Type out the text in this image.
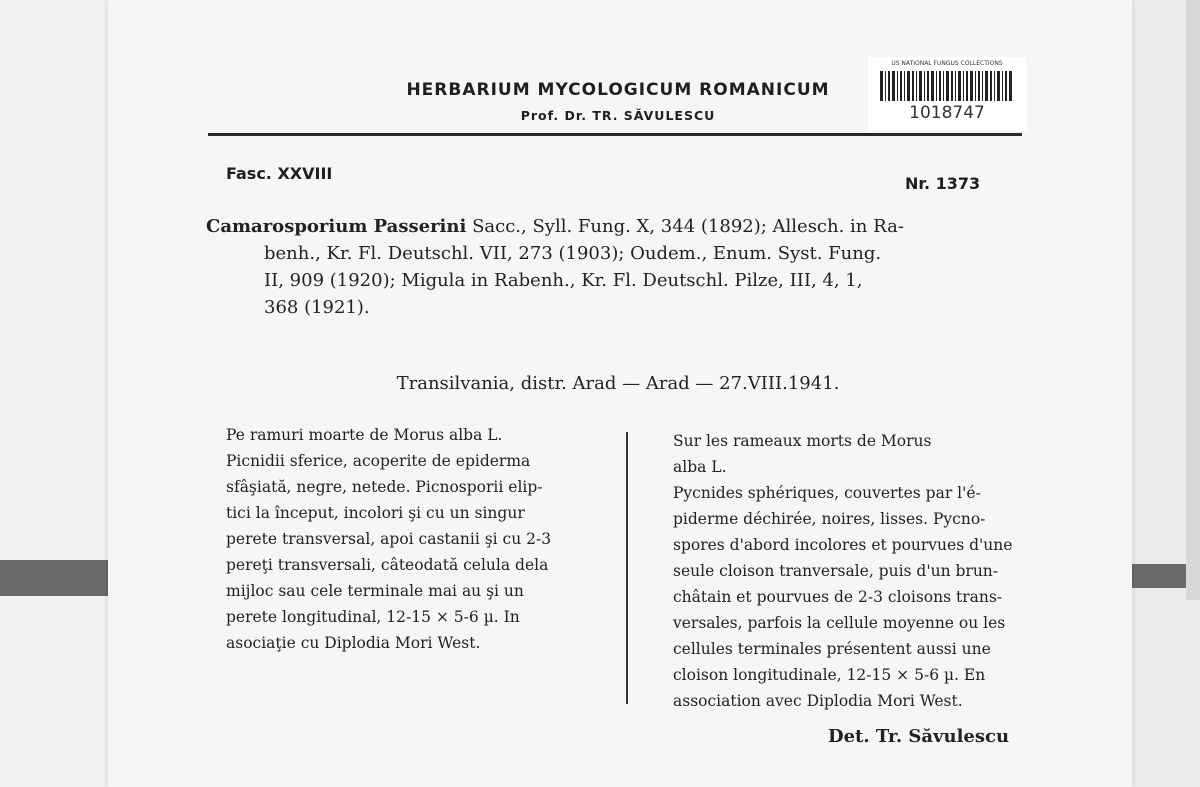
HERBARIUM MYCOLOGICUM ROMANICUM
Prof. Dr. TR. SĂVULESCU
US NATIONAL FUNGUS COLLECTIONS
1018747
Fasc. XXVIII
Nr. 1373
Camarosporium Passerini Sacc., Syll. Fung. X, 344 (1892); Allesch. in Ra-
benh., Kr. Fl. Deutschl. VII, 273 (1903); Oudem., Enum. Syst. Fung.
II, 909 (1920); Migula in Rabenh., Kr. Fl. Deutschl. Pilze, III, 4, 1,
368 (1921).
Transilvania, distr. Arad — Arad — 27.VIII.1941.
Pe ramuri moarte de Morus alba L.
Picnidii sferice, acoperite de epiderma
sfâşiată, negre, netede. Picnosporii elip-
tici la început, incolori şi cu un singur
perete transversal, apoi castanii şi cu 2-3
pereţi transversali, câteodată celula dela
mijloc sau cele terminale mai au şi un
perete longitudinal, 12-15 × 5-6 µ. In
asociaţie cu Diplodia Mori West.
Sur les rameaux morts de Morus
alba L.
Pycnides sphériques, couvertes par l'é-
piderme déchirée, noires, lisses. Pycno-
spores d'abord incolores et pourvues d'une
seule cloison tranversale, puis d'un brun-
châtain et pourvues de 2-3 cloisons trans-
versales, parfois la cellule moyenne ou les
cellules terminales présentent aussi une
cloison longitudinale, 12-15 × 5-6 µ. En
association avec Diplodia Mori West.
Det. Tr. Săvulescu
